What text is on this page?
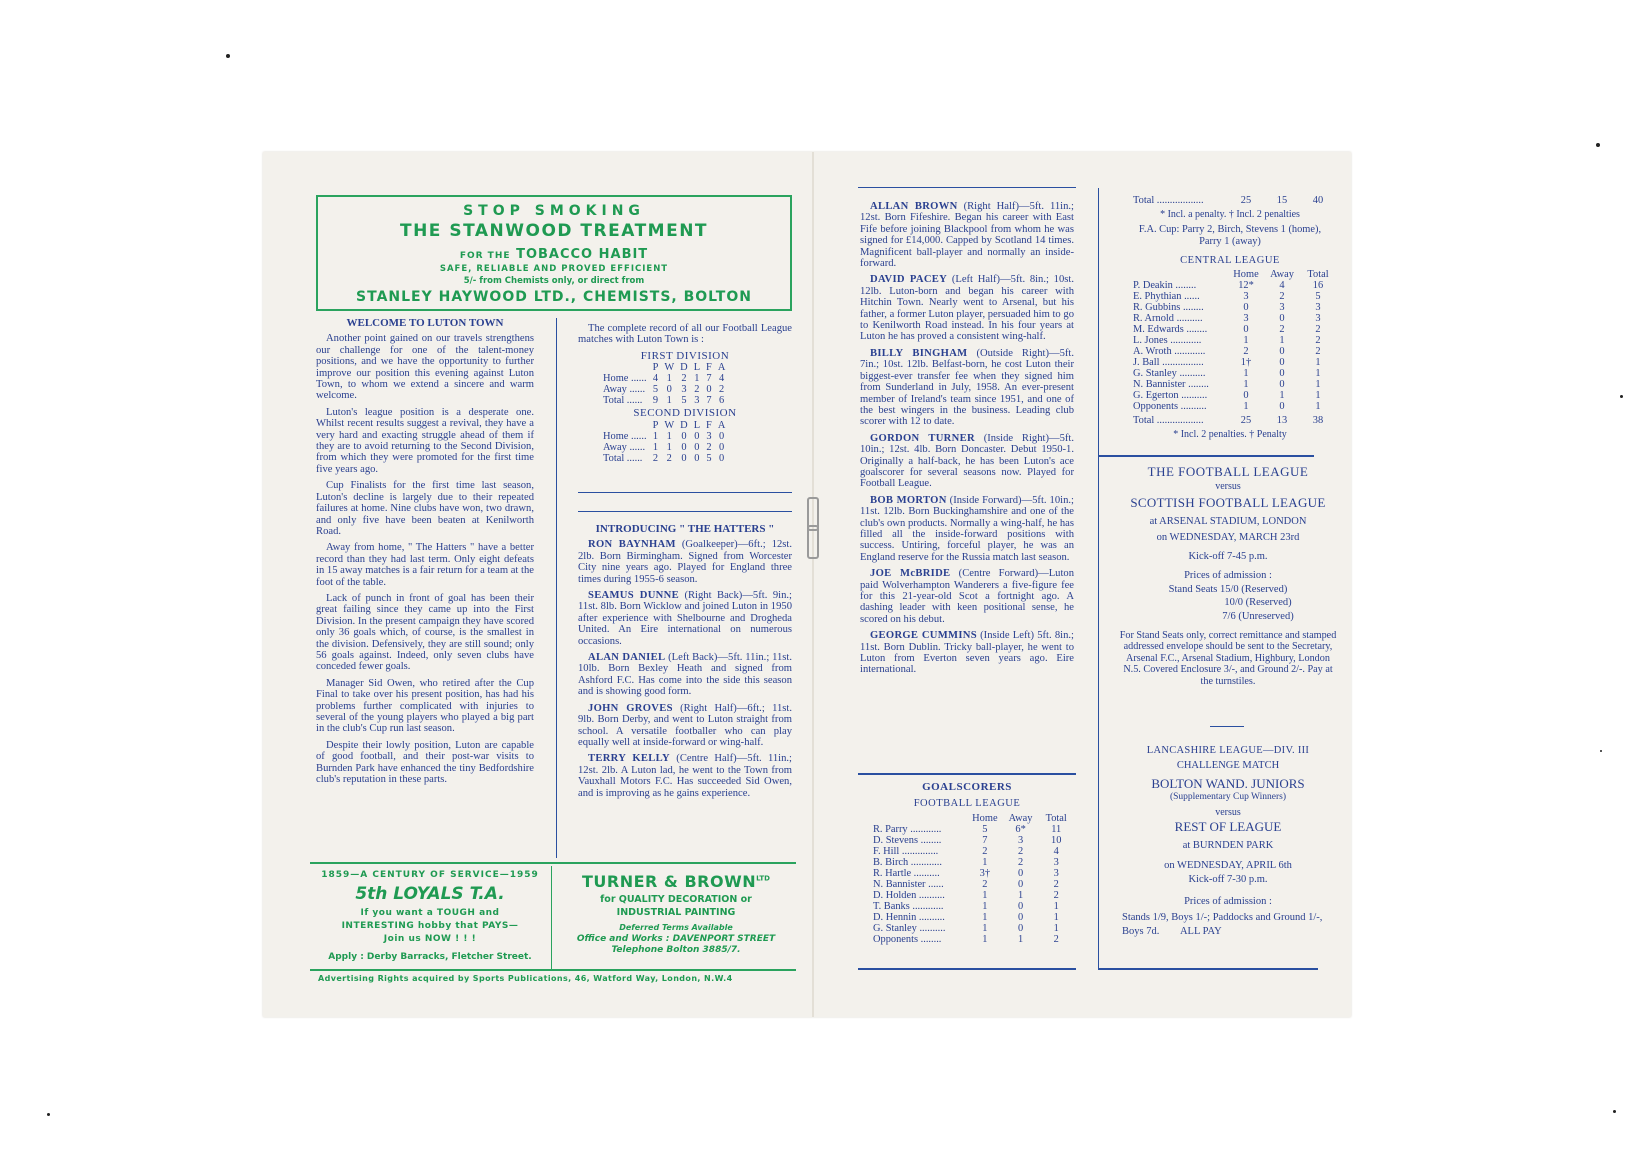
STOP SMOKING
THE STANWOOD TREATMENT
FOR THE TOBACCO HABIT
SAFE, RELIABLE AND PROVED EFFICIENT
5/- from Chemists only, or direct from
STANLEY HAYWOOD LTD., CHEMISTS, BOLTON
WELCOME TO LUTON TOWN

Another point gained on our travels strengthens our challenge for one of the talent-money positions, and we have the opportunity to further improve our position this evening against Luton Town, to whom we extend a sincere and warm welcome.

Luton's league position is a desperate one. Whilst recent results suggest a revival, they have a very hard and exacting struggle ahead of them if they are to avoid returning to the Second Division, from which they were promoted for the first time five years ago.

Cup Finalists for the first time last season, Luton's decline is largely due to their repeated failures at home. Nine clubs have won, two drawn, and only five have been beaten at Kenilworth Road.

Away from home, " The Hatters " have a better record than they had last term. Only eight defeats in 15 away matches is a fair return for a team at the foot of the table.

Lack of punch in front of goal has been their great failing since they came up into the First Division. In the present campaign they have scored only 36 goals which, of course, is the smallest in the division. Defensively, they are still sound; only 56 goals against. Indeed, only seven clubs have conceded fewer goals.

Manager Sid Owen, who retired after the Cup Final to take over his present position, has had his problems further complicated with injuries to several of the young players who played a big part in the club's Cup run last season.

Despite their lowly position, Luton are capable of good football, and their post-war visits to Burnden Park have enhanced the tiny Bedfordshire club's reputation in these parts.

The complete record of all our Football League matches with Luton Town is :

FIRST DIVISION
	P	W	D	L	F	A
Home ......	4	1	2	1	7	4
Away ......	5	0	3	2	0	2
Total ......	9	1	5	3	7	6
SECOND DIVISION
	P	W	D	L	F	A
Home ......	1	1	0	0	3	0
Away ......	1	1	0	0	2	0
Total ......	2	2	0	0	5	0
INTRODUCING " THE HATTERS "

RON BAYNHAM (Goalkeeper)—6ft.; 12st. 2lb. Born Birmingham. Signed from Worcester City nine years ago. Played for England three times during 1955-6 season.

SEAMUS DUNNE (Right Back)—5ft. 9in.; 11st. 8lb. Born Wicklow and joined Luton in 1950 after experience with Shelbourne and Drogheda United. An Eire international on numerous occasions.

ALAN DANIEL (Left Back)—5ft. 11in.; 11st. 10lb. Born Bexley Heath and signed from Ashford F.C. Has come into the side this season and is showing good form.

JOHN GROVES (Right Half)—6ft.; 11st. 9lb. Born Derby, and went to Luton straight from school. A versatile footballer who can play equally well at inside-forward or wing-half.

TERRY KELLY (Centre Half)—5ft. 11in.; 12st. 2lb. A Luton lad, he went to the Town from Vauxhall Motors F.C. Has succeeded Sid Owen, and is improving as he gains experience.

1859—A CENTURY OF SERVICE—1959
5th LOYALS T.A.
If you want a TOUGH and INTERESTING hobby that PAYS— Join us NOW ! ! !
Apply : Derby Barracks, Fletcher Street.
TURNER & $BROWN^{LTD}$
for QUALITY DECORATION or INDUSTRIAL PAINTING
Deferred Terms Available
Office and Works : DAVENPORT STREET
Telephone Bolton 3885/7.
Advertising Rights acquired by Sports Publications, 46, Watford Way, London, N.W.4

ALLAN BROWN (Right Half)—5ft. 11in.; 12st. Born Fifeshire. Began his career with East Fife before joining Blackpool from whom he was signed for £14,000. Capped by Scotland 14 times. Magnificent ball-player and normally an inside-forward.

DAVID PACEY (Left Half)—5ft. 8in.; 10st. 12lb. Luton-born and began his career with Hitchin Town. Nearly went to Arsenal, but his father, a former Luton player, persuaded him to go to Kenilworth Road instead. In his four years at Luton he has proved a consistent wing-half.

BILLY BINGHAM (Outside Right)—5ft. 7in.; 10st. 12lb. Belfast-born, he cost Luton their biggest-ever transfer fee when they signed him from Sunderland in July, 1958. An ever-present member of Ireland's team since 1951, and one of the best wingers in the business. Leading club scorer with 12 to date.

GORDON TURNER (Inside Right)—5ft. 10in.; 12st. 4lb. Born Doncaster. Debut 1950-1. Originally a half-back, he has been Luton's ace goalscorer for several seasons now. Played for Football League.

BOB MORTON (Inside Forward)—5ft. 10in.; 11st. 12lb. Born Buckinghamshire and one of the club's own products. Normally a wing-half, he has filled all the inside-forward positions with success. Untiring, forceful player, he was an England reserve for the Russia match last season.

JOE McBRIDE (Centre Forward)—Luton paid Wolverhampton Wanderers a five-figure fee for this 21-year-old Scot a fortnight ago. A dashing leader with keen positional sense, he scored on his debut.

GEORGE CUMMINS (Inside Left) 5ft. 8in.; 11st. Born Dublin. Tricky ball-player, he went to Luton from Everton seven years ago. Eire international.

GOALSCORERS
FOOTBALL LEAGUE
	Home	Away	Total
R. Parry ............	5	6*	11
D. Stevens ........	7	3	10
F. Hill ..............	2	2	4
B. Birch ............	1	2	3
R. Hartle ..........	3†	0	3
N. Bannister ......	2	0	2
D. Holden ..........	1	1	2
T. Banks ............	1	0	1
D. Hennin ..........	1	0	1
G. Stanley ..........	1	0	1
Opponents ........	1	1	2
Total ..................	25	15	40
* Incl. a penalty. † Incl. 2 penalties
F.A. Cup: Parry 2, Birch, Stevens 1 (home), Parry 1 (away)
CENTRAL LEAGUE
	Home	Away	Total
P. Deakin ........	12*	4	16
E. Phythian ......	3	2	5
R. Gubbins ........	0	3	3
R. Arnold ..........	3	0	3
M. Edwards ........	0	2	2
L. Jones ............	1	1	2
A. Wroth ............	2	0	2
J. Ball ................	1†	0	1
G. Stanley ..........	1	0	1
N. Bannister ........	1	0	1
G. Egerton ..........	0	1	1
Opponents ..........	1	0	1
Total ..................	25	13	38
* Incl. 2 penalties. † Penalty
THE FOOTBALL LEAGUE
versus
SCOTTISH FOOTBALL LEAGUE
at ARSENAL STADIUM, LONDON
on WEDNESDAY, MARCH 23rd
Kick-off 7-45 p.m.
Prices of admission :
Stand Seats 15/0 (Reserved)
10/0 (Reserved)
7/6 (Unreserved)
For Stand Seats only, correct remittance and stamped addressed envelope should be sent to the Secretary, Arsenal F.C., Arsenal Stadium, Highbury, London N.5. Covered Enclosure 3/-, and Ground 2/-. Pay at the turnstiles.
LANCASHIRE LEAGUE—DIV. III
CHALLENGE MATCH
BOLTON WAND. JUNIORS
(Supplementary Cup Winners)
versus
REST OF LEAGUE
at BURNDEN PARK
on WEDNESDAY, APRIL 6th
Kick-off 7-30 p.m.
Prices of admission :
Stands 1/9, Boys 1/-; Paddocks and Ground 1/-, Boys 7d. ALL PAY
